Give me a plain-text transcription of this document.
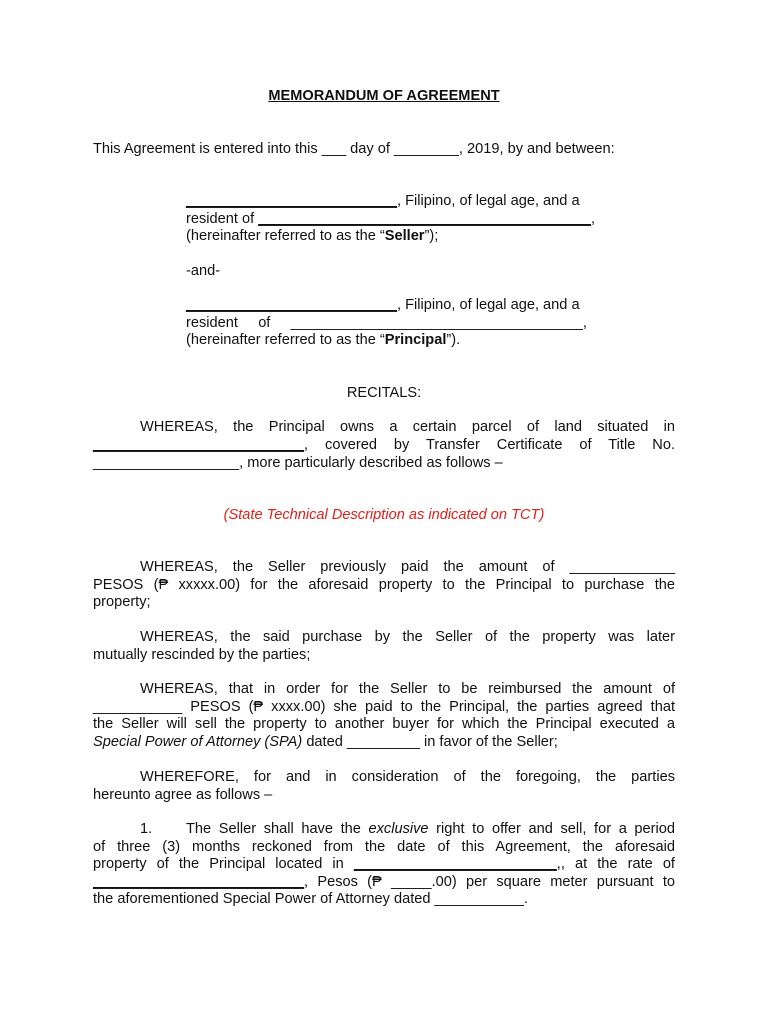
MEMORANDUM OF AGREEMENT
This Agreement is entered into this ___ day of ________, 2019, by and between:
__________________________, Filipino, of legal age, and a
resident of _________________________________________,
(hereinafter referred to as the “Seller”);
-and-
__________________________, Filipino, of legal age, and a
resident     of     ____________________________________,
(hereinafter referred to as the “Principal”).
RECITALS:
WHEREAS, the Principal owns a certain parcel of land situated in
__________________________, covered by Transfer Certificate of Title No.
__________________, more particularly described as follows –
(State Technical Description as indicated on TCT)
WHEREAS, the Seller previously paid the amount of _____________
PESOS (₱ xxxxx.00) for the aforesaid property to the Principal to purchase the
property;
WHEREAS, the said purchase by the Seller of the property was later
mutually rescinded by the parties;
WHEREAS, that in order for the Seller to be reimbursed the amount of
___________ PESOS (₱ xxxx.00) she paid to the Principal, the parties agreed that
the Seller will sell the property to another buyer for which the Principal executed a
Special Power of Attorney (SPA) dated _________ in favor of the Seller;
WHEREFORE, for and in consideration of the foregoing, the parties
hereunto agree as follows –
1. The Seller shall have the exclusive right to offer and sell, for a period
of three (3) months reckoned from the date of this Agreement, the aforesaid
property of the Principal located in _________________________,, at the rate of
__________________________, Pesos (₱ _____.00) per square meter pursuant to
the aforementioned Special Power of Attorney dated ___________.
